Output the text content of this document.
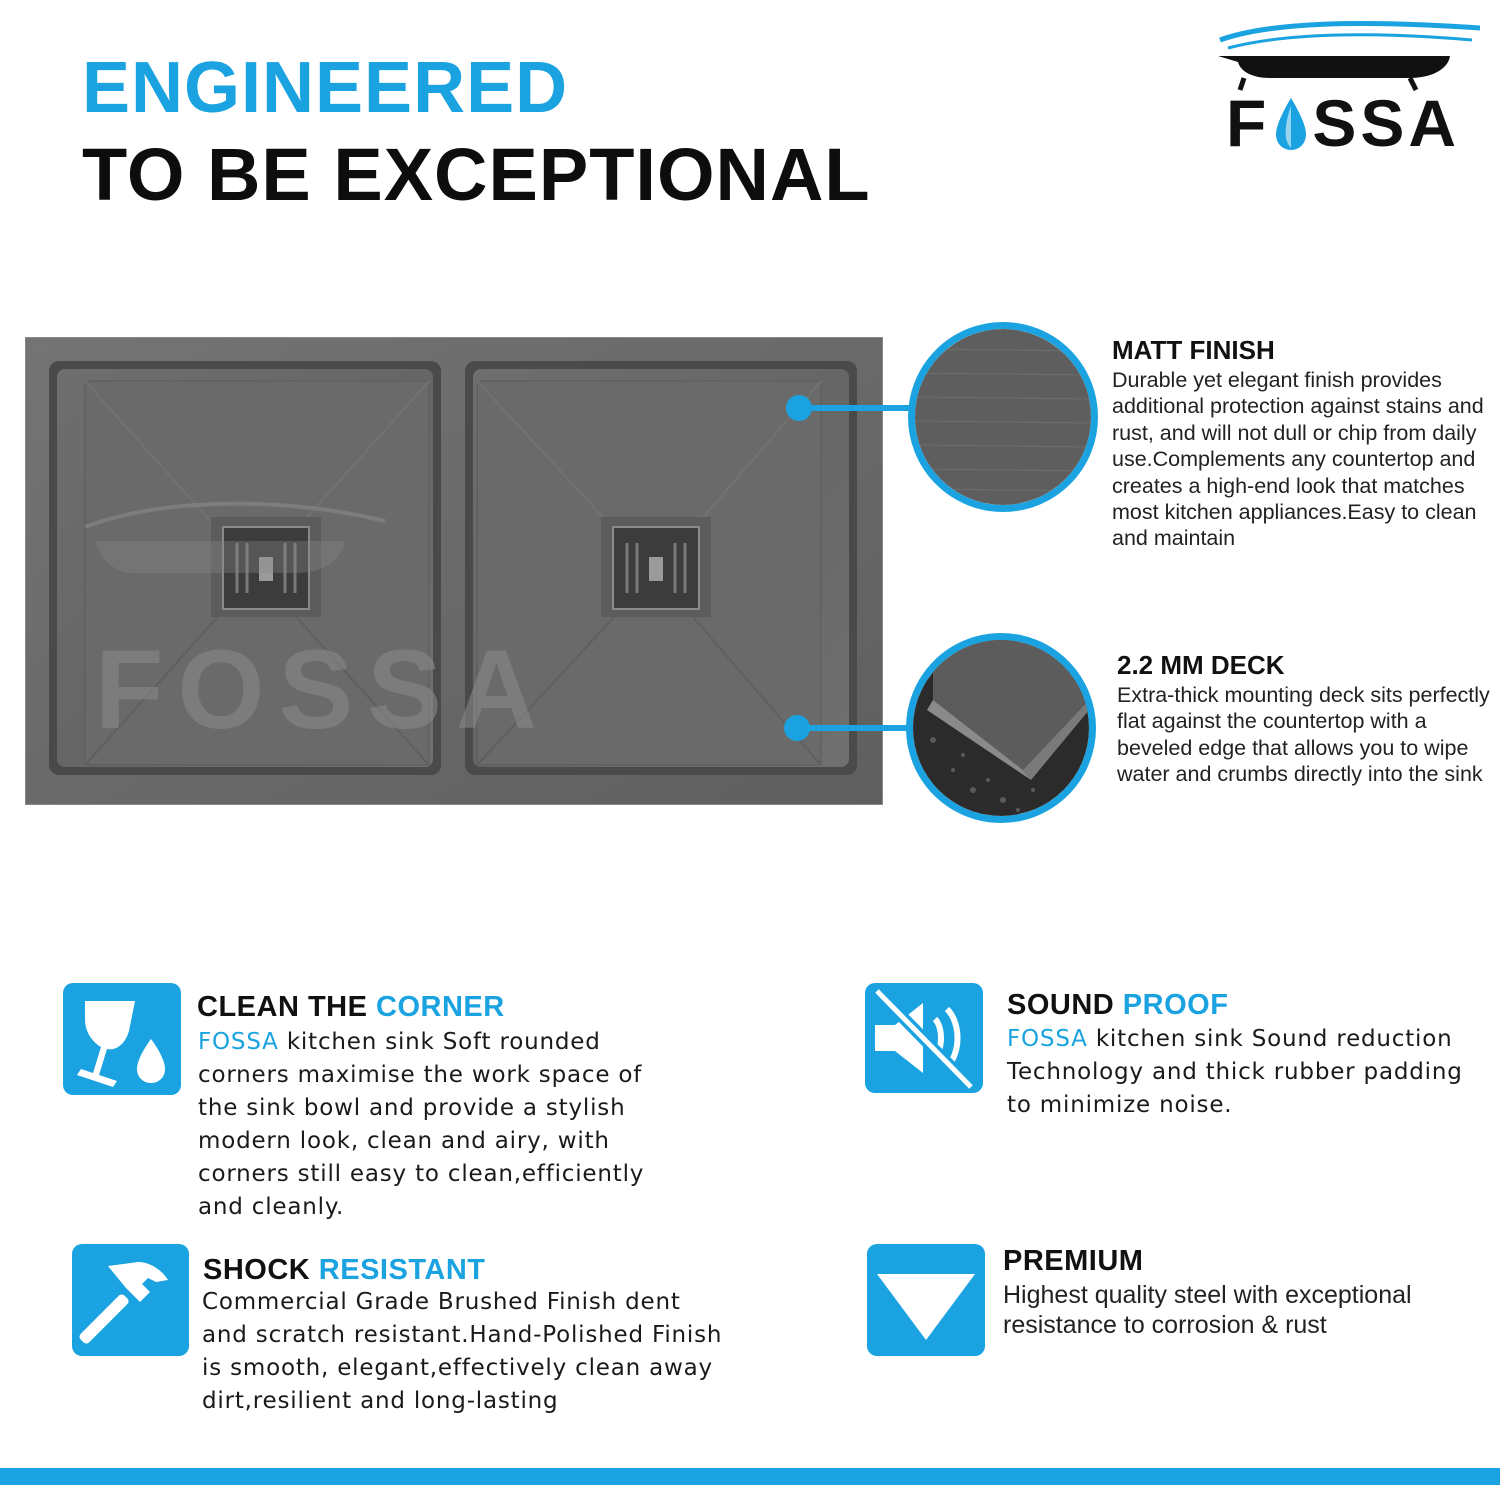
ENGINEERED
TO BE EXCEPTIONAL
F SSA
FOSSA
MATT FINISH
Durable yet elegant finish provides additional protection against stains and rust, and will not dull or chip from daily use.Complements any countertop and creates a high-end look that matches most kitchen appliances.Easy to clean and maintain
2.2 MM DECK
Extra-thick mounting deck sits perfectly flat against the countertop with a beveled edge that allows you to wipe water and crumbs directly into the sink
CLEAN THE CORNER
FOSSA kitchen sink Soft rounded corners maximise the work space of the sink bowl and provide a stylish modern look, clean and airy, with corners still easy to clean,efficiently and cleanly.
SOUND PROOF
FOSSA kitchen sink Sound reduction Technology and thick rubber padding to minimize noise.
SHOCK RESISTANT
Commercial Grade Brushed Finish dent and scratch resistant.Hand-Polished Finish is smooth, elegant,effectively clean away dirt,resilient and long-lasting
PREMIUM
Highest quality steel with exceptional resistance to corrosion & rust
